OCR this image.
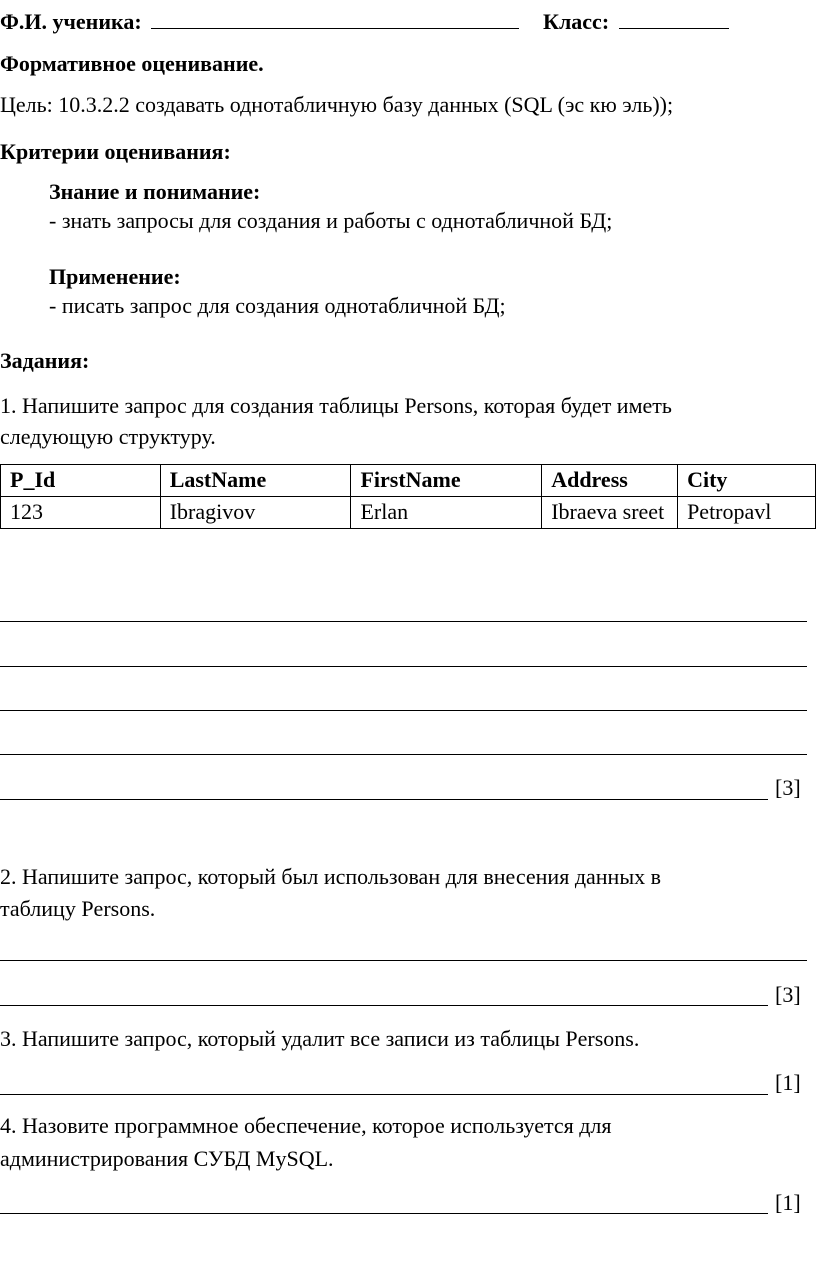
Ф.И. ученика:	Класс:
Формативное оценивание.
Цель: 10.3.2.2 создавать однотабличную базу данных (SQL (эс кю эль));
Критерии оценивания:
Знание и понимание:
- знать запросы для создания и работы с однотабличной БД;
Применение:
- писать запрос для создания однотабличной БД;
Задания:
1. Напишите запрос для создания таблицы Persons, которая будет иметь
следующую структуру.
P_Id	LastName	FirstName	Address	City
123	Ibragivov	Erlan	Ibraeva sreet	Petropavl
[3]
2. Напишите запрос, который был использован для внесения данных в
таблицу Persons.
[3]
3. Напишите запрос, который удалит все записи из таблицы Persons.
[1]
4. Назовите программное обеспечение, которое используется для
администрирования СУБД MySQL.
[1]
